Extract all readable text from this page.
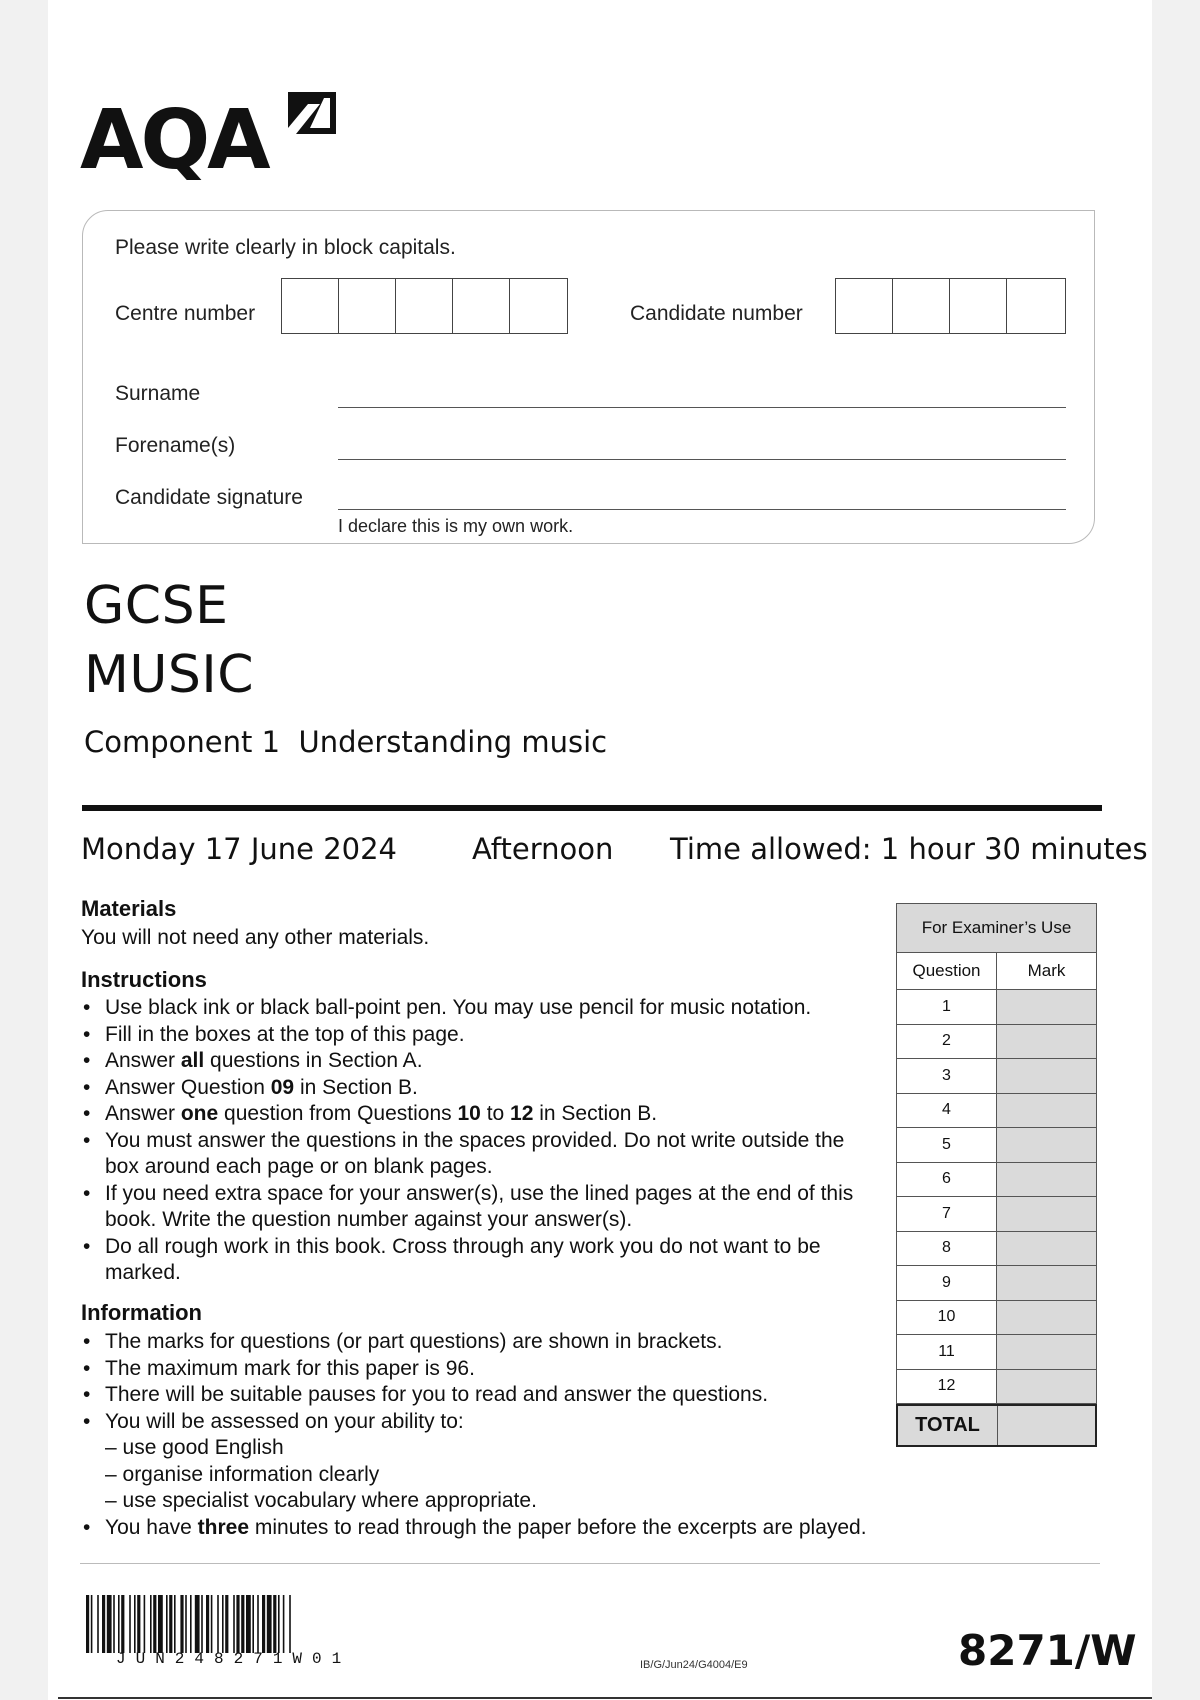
AQA
Please write clearly in block capitals.
Centre number	Candidate number
Surname
Forename(s)
Candidate signature
I declare this is my own work.
GCSE
MUSIC
Component 1  Understanding music
Monday 17 June 2024	Afternoon Time allowed: 1 hour 30 minutes
Materials
You will not need any other materials.
Instructions
• Use black ink or black ball-point pen. You may use pencil for music notation.
• Fill in the boxes at the top of this page.
• Answer all questions in Section A.
• Answer Question 09 in Section B.
• Answer one question from Questions 10 to 12 in Section B.
• You must answer the questions in the spaces provided. Do not write outside the box around each page or on blank pages.
• If you need extra space for your answer(s), use the lined pages at the end of this book. Write the question number against your answer(s).
• Do all rough work in this book. Cross through any work you do not want to be marked.
Information
• The marks for questions (or part questions) are shown in brackets.
• The maximum mark for this paper is 96.
• There will be suitable pauses for you to read and answer the questions.
• You will be assessed on your ability to:
– use good English
– organise information clearly
– use specialist vocabulary where appropriate.
• You have three minutes to read through the paper before the excerpts are played.
For Examiner’s Use
Question	Mark
1
2
3
4
5
6
7
8
9
10
11
12
TOTAL
JUN248271W01	IB/G/Jun24/G4004/E9	8271/W
